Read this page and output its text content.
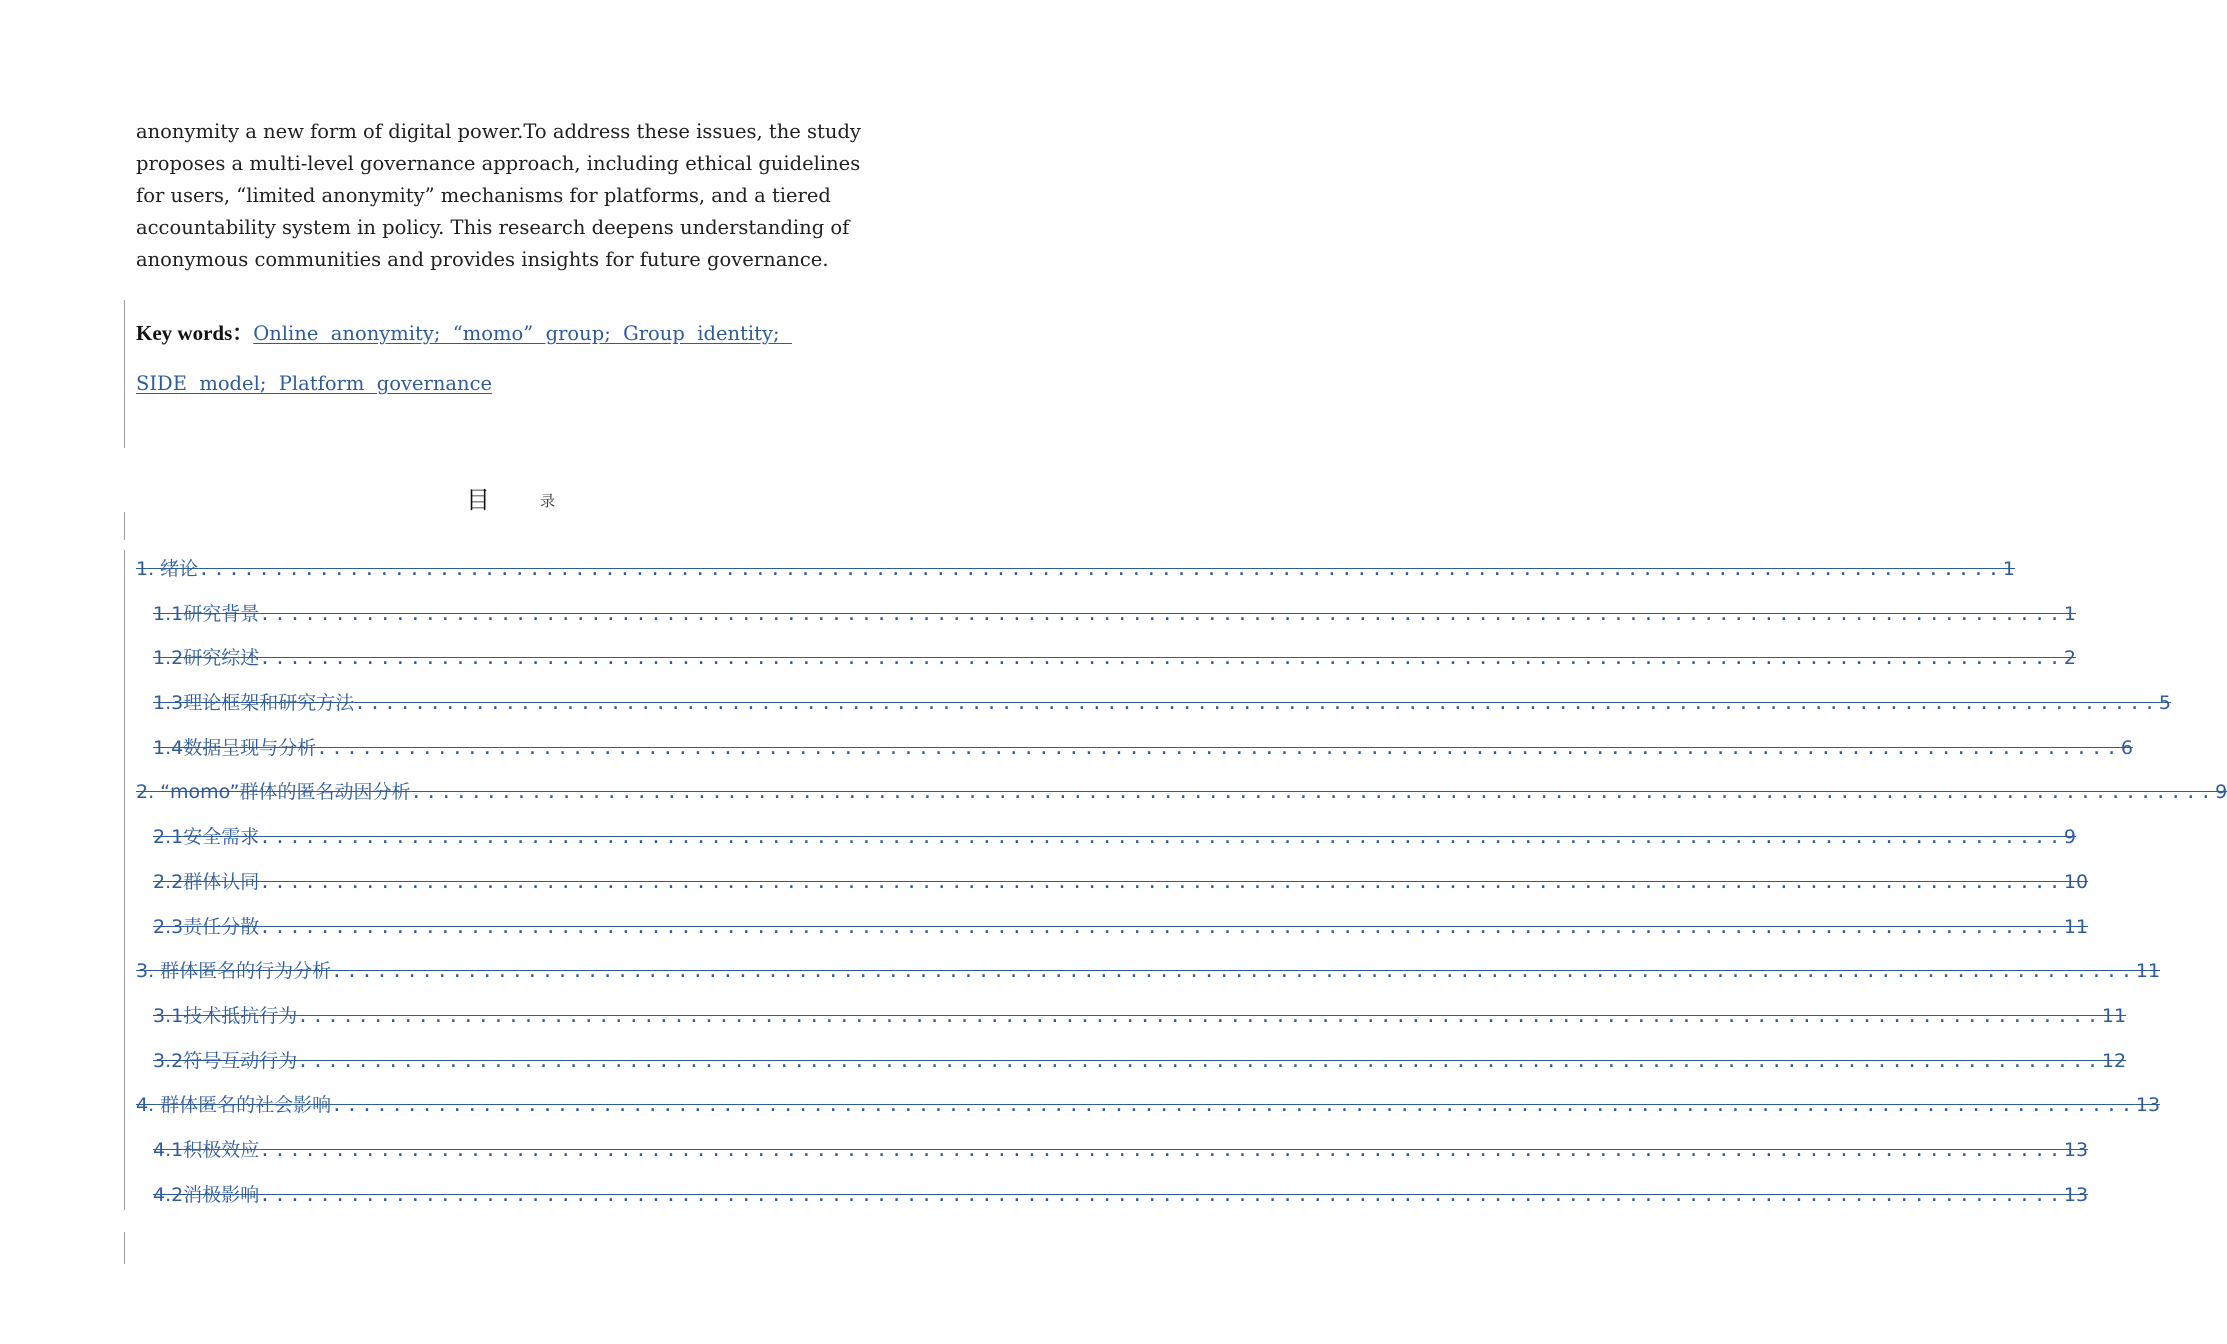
anonymity a new form of digital power.To address these issues, the study
proposes a multi-level governance approach, including ethical guidelines
for users, “limited anonymity” mechanisms for platforms, and a tiered
accountability system in policy. This research deepens understanding of
anonymous communities and provides insights for future governance.
Key words：Online  anonymity;  “momo”  group;  Group  identity;
SIDE  model;  Platform  governance
目	录
1. 绪论 ........................................................................................................................ 1
1.1研究背景 ........................................................................................................................ 1
1.2研究综述 ........................................................................................................................ 2
1.3理论框架和研究方法 ........................................................................................................................ 5
1.4数据呈现与分析 ........................................................................................................................ 6
2. “momo”群体的匿名动因分析 ........................................................................................................................ 9
2.1安全需求 ........................................................................................................................ 9
2.2群体认同 ........................................................................................................................ 10
2.3责任分散 ........................................................................................................................ 11
3. 群体匿名的行为分析 ........................................................................................................................ 11
3.1技术抵抗行为 ........................................................................................................................ 11
3.2符号互动行为 ........................................................................................................................ 12
4. 群体匿名的社会影响 ........................................................................................................................ 13
4.1积极效应 ........................................................................................................................ 13
4.2消极影响 ........................................................................................................................ 13
